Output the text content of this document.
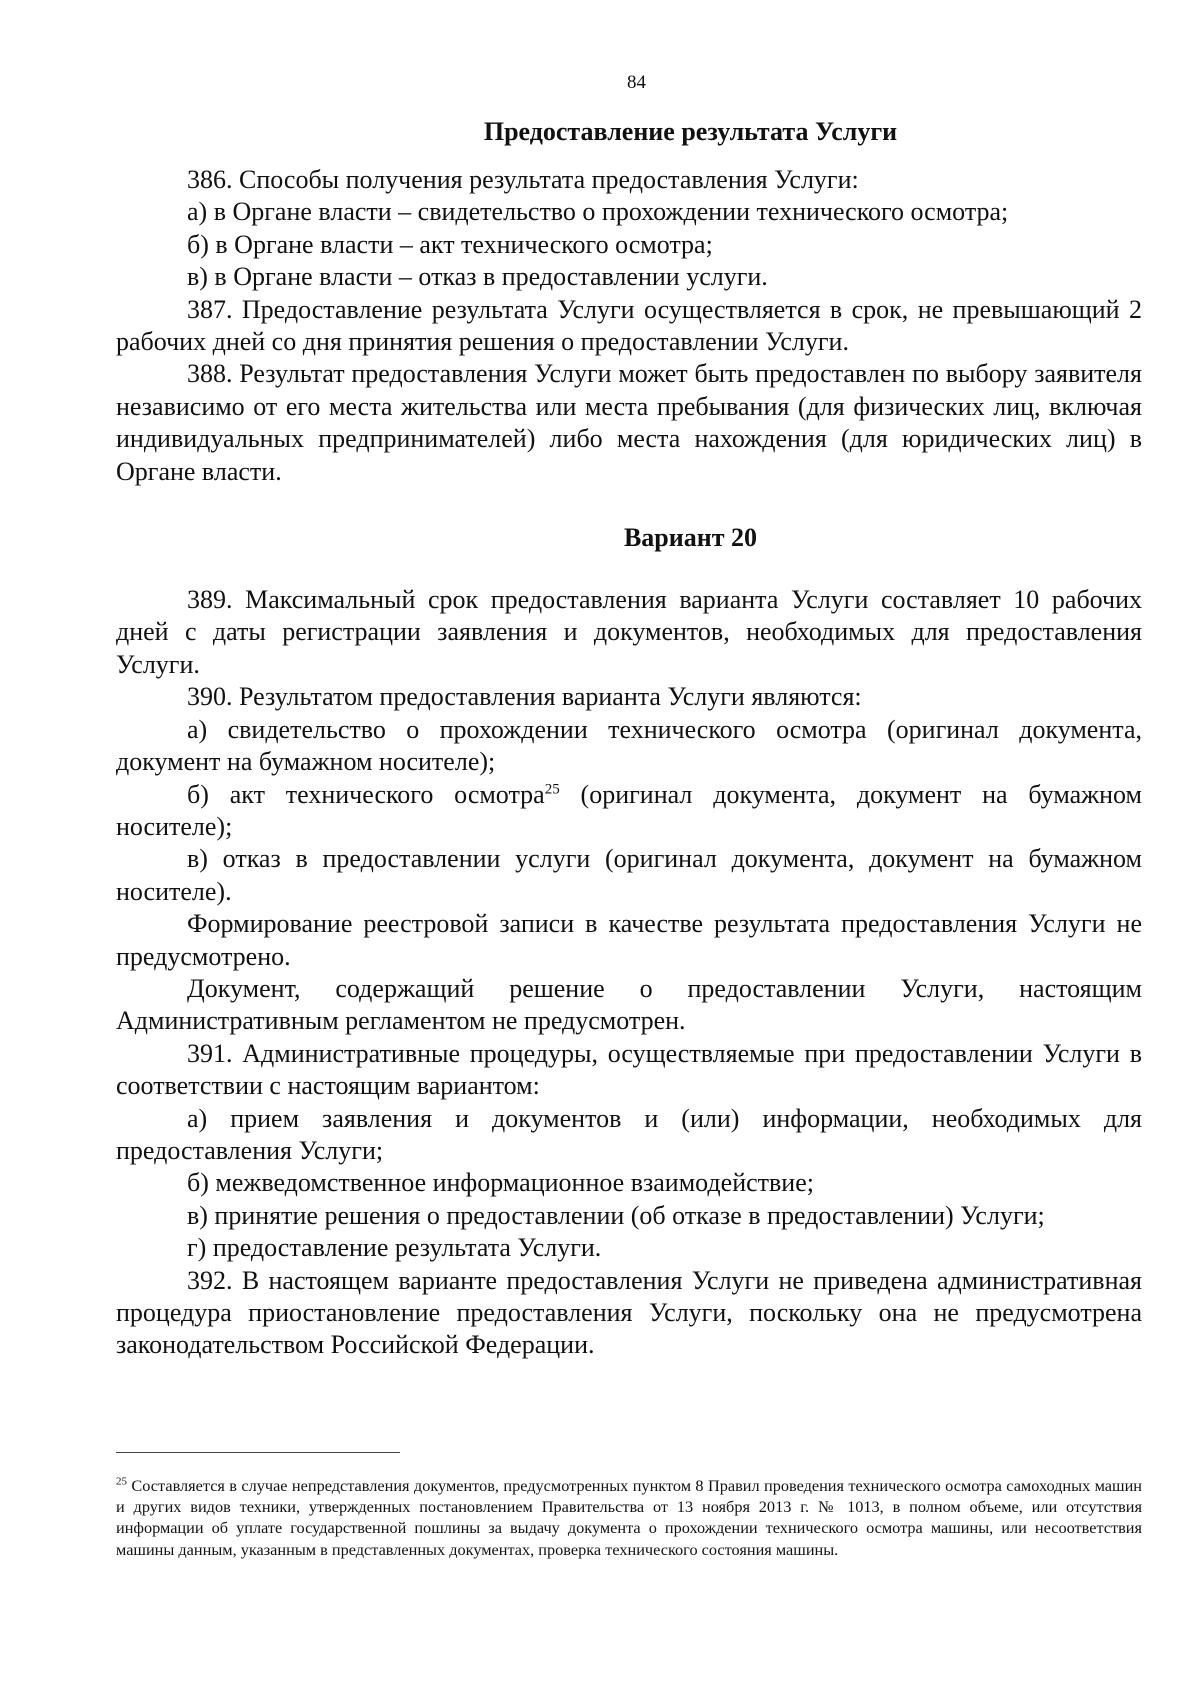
84

Предоставление результата Услуги

386. Способы получения результата предоставления Услуги:

а) в Органе власти – свидетельство о прохождении технического осмотра;

б) в Органе власти – акт технического осмотра;

в) в Органе власти – отказ в предоставлении услуги.

387. Предоставление результата Услуги осуществляется в срок, не превышающий 2 рабочих дней со дня принятия решения о предоставлении Услуги.

388. Результат предоставления Услуги может быть предоставлен по выбору заявителя независимо от его места жительства или места пребывания (для физических лиц, включая индивидуальных предпринимателей) либо места нахождения (для юридических лиц) в Органе власти.

Вариант 20

389. Максимальный срок предоставления варианта Услуги составляет 10 рабочих дней с даты регистрации заявления и документов, необходимых для предоставления Услуги.

390. Результатом предоставления варианта Услуги являются:

а) свидетельство о прохождении технического осмотра (оригинал документа, документ на бумажном носителе);

б) акт технического осмотра$^{25}$ (оригинал документа, документ на бумажном носителе);

в) отказ в предоставлении услуги (оригинал документа, документ на бумажном носителе).

Формирование реестровой записи в качестве результата предоставления Услуги не предусмотрено.

Документ, содержащий решение о предоставлении Услуги, настоящим Административным регламентом не предусмотрен.

391. Административные процедуры, осуществляемые при предоставлении Услуги в соответствии с настоящим вариантом:

а) прием заявления и документов и (или) информации, необходимых для предоставления Услуги;

б) межведомственное информационное взаимодействие;

в) принятие решения о предоставлении (об отказе в предоставлении) Услуги;

г) предоставление результата Услуги.

392. В настоящем варианте предоставления Услуги не приведена административная процедура приостановление предоставления Услуги, поскольку она не предусмотрена законодательством Российской Федерации.

$^{25}$ Составляется в случае непредставления документов, предусмотренных пунктом 8 Правил проведения технического осмотра самоходных машин и других видов техники, утвержденных постановлением Правительства от 13 ноября 2013 г. № 1013, в полном объеме, или отсутствия информации об уплате государственной пошлины за выдачу документа о прохождении технического осмотра машины, или несоответствия машины данным, указанным в представленных документах, проверка технического состояния машины.
